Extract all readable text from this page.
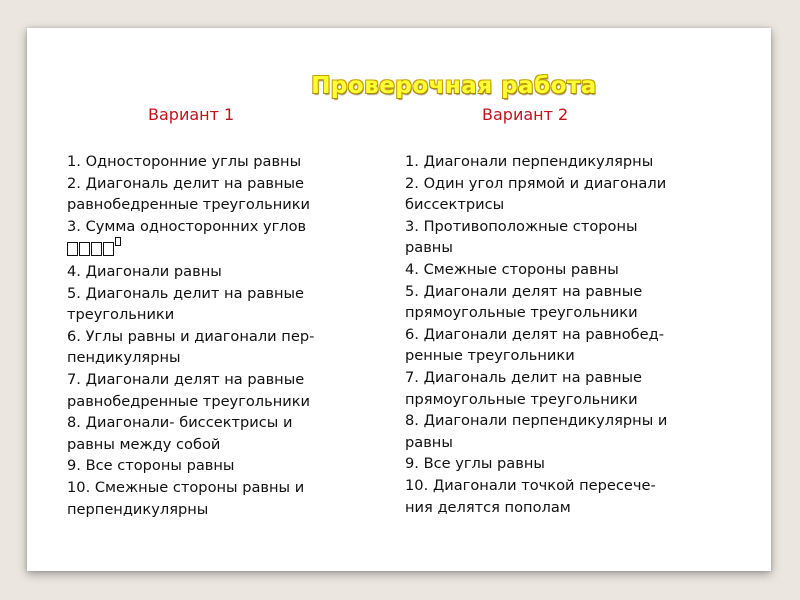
Проверочная работа
Вариант 1	Вариант 2
1. Односторонние углы равны
2. Диагональ делит на равные
равнобедренные треугольники
3. Сумма односторонних углов
4. Диагонали равны
5. Диагональ делит на равные
треугольники
6. Углы равны и диагонали пер-
пендикулярны
7. Диагонали делят на равные
равнобедренные треугольники
8. Диагонали- биссектрисы и
равны между собой
9. Все стороны равны
10. Смежные стороны равны и
перпендикулярны
1. Диагонали перпендикулярны
2. Один угол прямой и диагонали
биссектрисы
3. Противоположные стороны
равны
4. Смежные стороны равны
5. Диагонали делят на равные
прямоугольные треугольники
6. Диагонали делят на равнобед-
ренные треугольники
7. Диагональ делит на равные
прямоугольные треугольники
8. Диагонали перпендикулярны и
равны
9. Все углы равны
10. Диагонали точкой пересече-
ния делятся пополам
